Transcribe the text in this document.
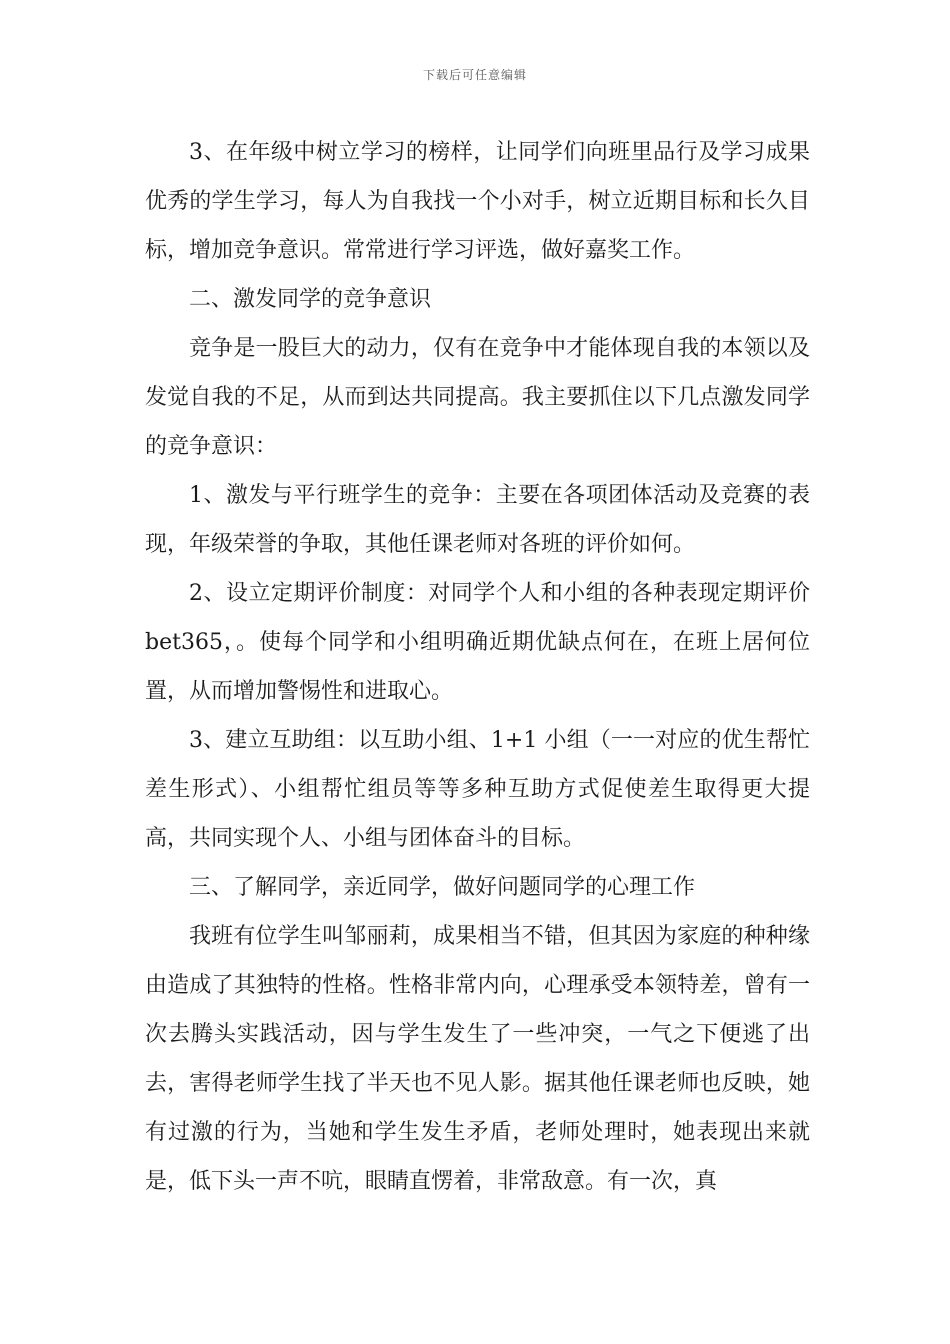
下载后可任意编辑

3、在年级中树立学习的榜样，让同学们向班里品行及学习成果优秀的学生学习，每人为自我找一个小对手，树立近期目标和长久目标，增加竞争意识。常常进行学习评选，做好嘉奖工作。

二、激发同学的竞争意识

竞争是一股巨大的动力，仅有在竞争中才能体现自我的本领以及发觉自我的不足，从而到达共同提高。我主要抓住以下几点激发同学的竞争意识：

1、激发与平行班学生的竞争：主要在各项团体活动及竞赛的表现，年级荣誉的争取，其他任课老师对各班的评价如何。

2、设立定期评价制度：对同学个人和小组的各种表现定期评价bet365，。使每个同学和小组明确近期优缺点何在，在班上居何位置，从而增加警惕性和进取心。

3、建立互助组：以互助小组、1+1 小组（一一对应的优生帮忙差生形式）、小组帮忙组员等等多种互助方式促使差生取得更大提高，共同实现个人、小组与团体奋斗的目标。

三、了解同学，亲近同学，做好问题同学的心理工作

我班有位学生叫邹丽莉，成果相当不错，但其因为家庭的种种缘由造成了其独特的性格。性格非常内向，心理承受本领特差，曾有一次去腾头实践活动，因与学生发生了一些冲突，一气之下便逃了出去，害得老师学生找了半天也不见人影。据其他任课老师也反映，她有过激的行为，当她和学生发生矛盾，老师处理时，她表现出来就是，低下头一声不吭，眼睛直愣着，非常敌意。有一次，真
